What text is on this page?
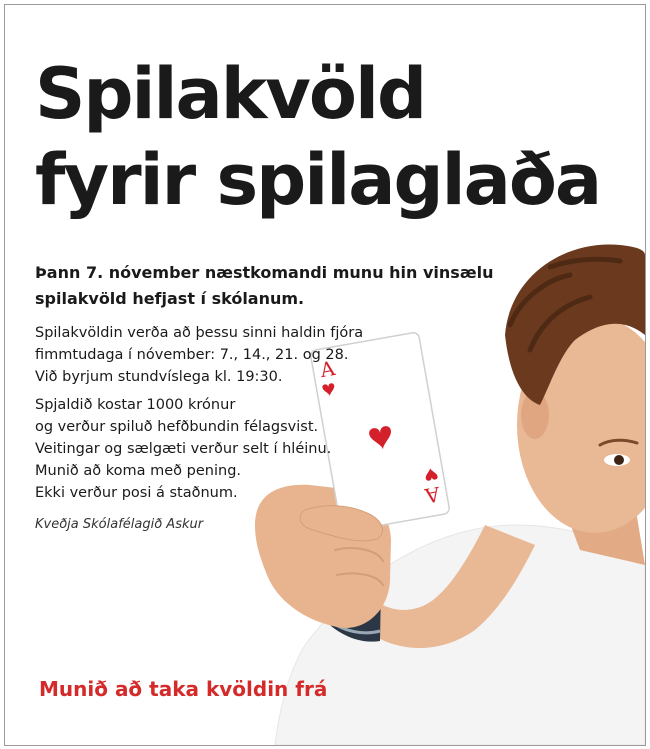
A
A
Spilakvöld
fyrir spilaglaða
Þann 7. nóvember næstkomandi munu hin vinsælu
spilakvöld hefjast í skólanum.
Spilakvöldin verða að þessu sinni haldin fjóra
fimmtudaga í nóvember: 7., 14., 21. og 28.
Við byrjum stundvíslega kl. 19:30.
Spjaldið kostar 1000 krónur
og verður spiluð hefðbundin félagsvist.
Veitingar og sælgæti verður selt í hléinu.
Munið að koma með pening.
Ekki verður posi á staðnum.
Kveðja Skólafélagið Askur
Munið að taka kvöldin frá
